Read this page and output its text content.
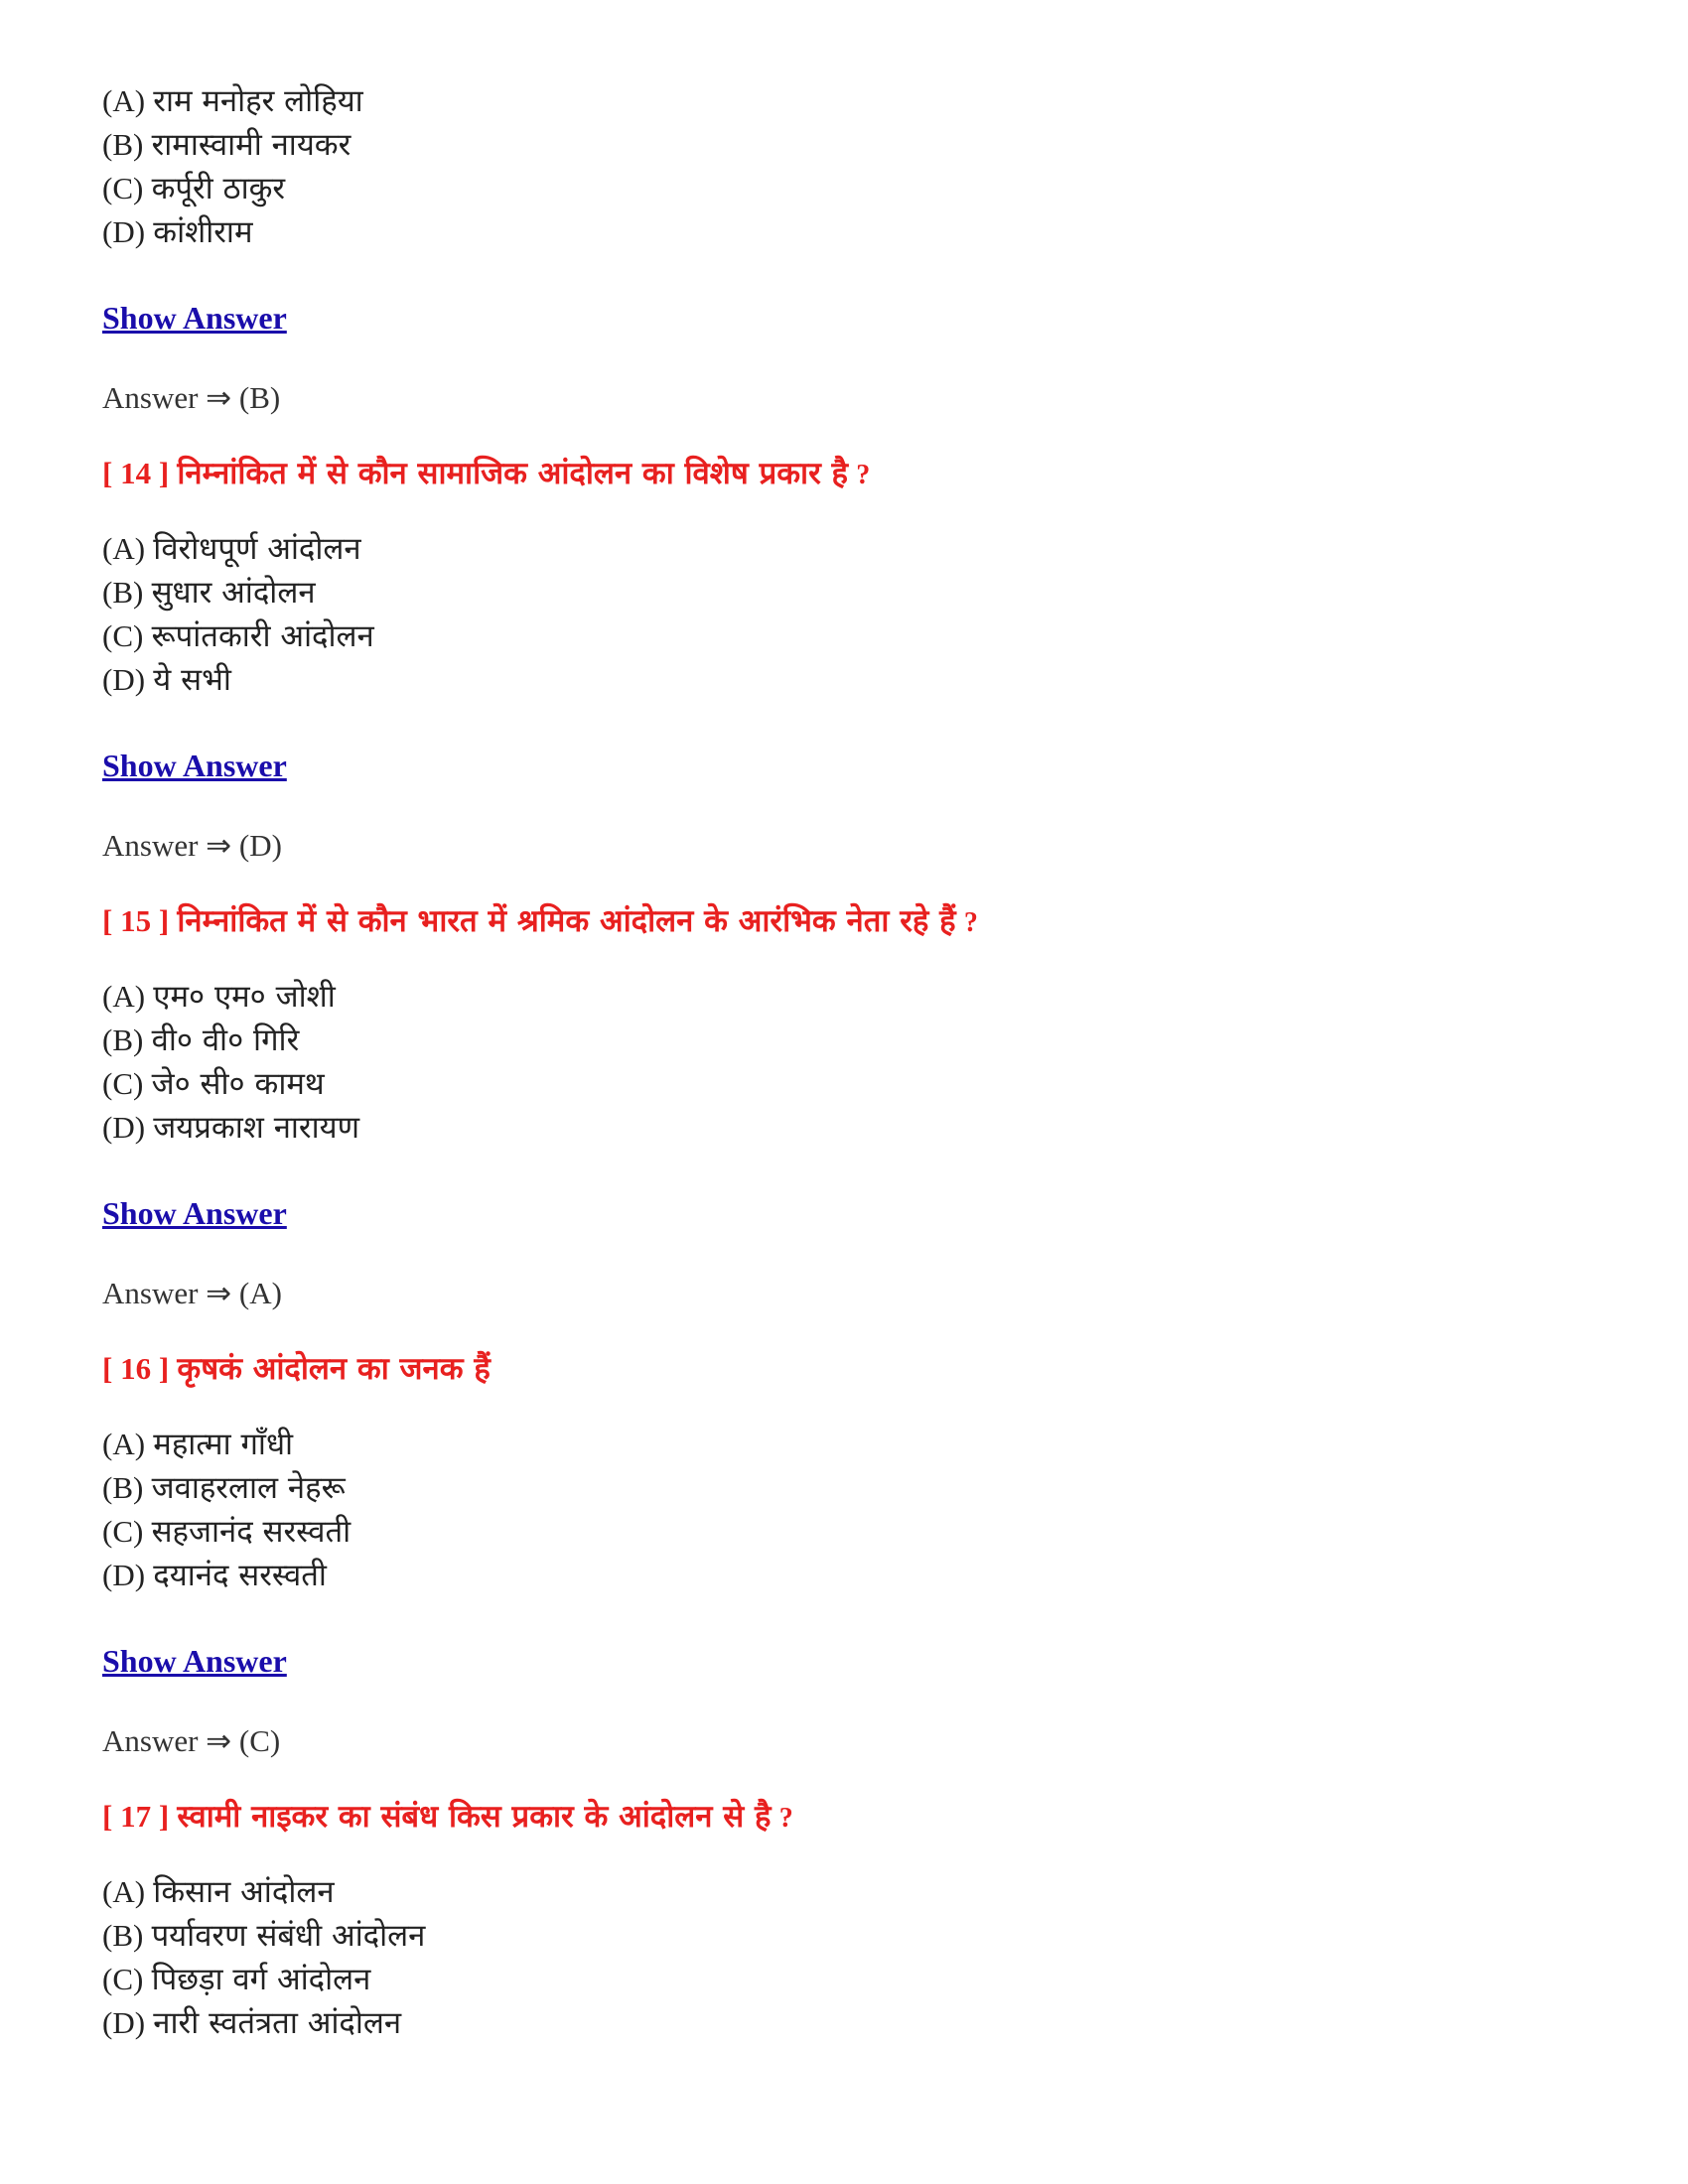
(A) राम मनोहर लोहिया
(B) रामास्वामी नायकर
(C) कर्पूरी ठाकुर
(D) कांशीराम
Show Answer
Answer ⇒ (B)
[ 14 ] निम्नांकित में से कौन सामाजिक आंदोलन का विशेष प्रकार है ?
(A) विरोधपूर्ण आंदोलन
(B) सुधार आंदोलन
(C) रूपांतकारी आंदोलन
(D) ये सभी
Show Answer
Answer ⇒ (D)
[ 15 ] निम्नांकित में से कौन भारत में श्रमिक आंदोलन के आरंभिक नेता रहे हैं ?
(A) एम० एम० जोशी
(B) वी० वी० गिरि
(C) जे० सी० कामथ
(D) जयप्रकाश नारायण
Show Answer
Answer ⇒ (A)
[ 16 ] कृषकं आंदोलन का जनक हैं
(A) महात्मा गाँधी
(B) जवाहरलाल नेहरू
(C) सहजानंद सरस्वती
(D) दयानंद सरस्वती
Show Answer
Answer ⇒ (C)
[ 17 ] स्वामी नाइकर का संबंध किस प्रकार के आंदोलन से है ?
(A) किसान आंदोलन
(B) पर्यावरण संबंधी आंदोलन
(C) पिछड़ा वर्ग आंदोलन
(D) नारी स्वतंत्रता आंदोलन
